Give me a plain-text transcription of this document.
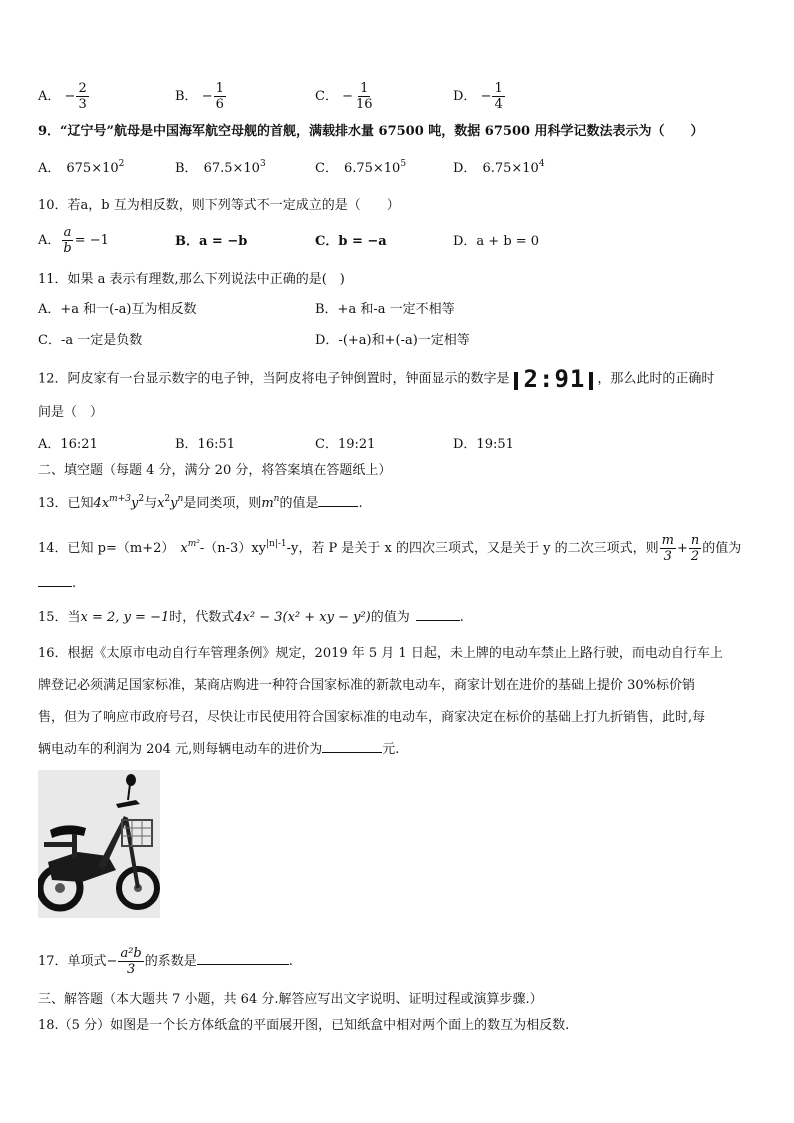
A． − $\frac{2}{3}$	B． − $\frac{1}{6}$	C． − $\frac{1}{16}$	D． − $\frac{1}{4}$
9．“辽宁号”航母是中国海军航空母舰的首舰，满载排水量 67500 吨，数据 67500 用科学记数法表示为（　　）
A． $675\times 10^2$	B． $67.5\times 10^3$	C． $6.75\times 10^5$	D． $6.75\times 10^4$
10．若a，b 互为相反数，则下列等式不一定成立的是（　　）
A． $\frac{a}{b} = -1$	B．a = −b	C．b = −a	D．a + b = 0
11．如果 a 表示有理数,那么下列说法中正确的是(　)
A．+a 和一(-a)互为相反数	B．+a 和-a 一定不相等
C．-a 一定是负数	D．-(+a)和+(-a)一定相等
12．阿皮家有一台显示数字的电子钟，当阿皮将电子钟倒置时，钟面显示的数字是 2:91 ，那么此时的正确时
间是（　）
A．16:21	B．16:51	C．19:21	D．19:51
二、填空题（每题 4 分，满分 20 分，将答案填在答题纸上）
13．已知$4x^{m+3}y^2$与$x^2y^n$是同类项，则$m^n$的值是	.
14．已知 p=（m+2） $x^{m^2}-(n-3)xy^{|n|-1}-y$，若 P 是关于 x 的四次三项式，又是关于 y 的二次三项式，则 $\frac{m}{3} + \frac{n}{2}$ 的值为
.
15．当x = 2, y = −1时，代数式4x² − 3(x² + xy − y²)的值为	.
16．根据《太原市电动自行车管理条例》规定，2019 年 5 月 1 日起，未上牌的电动车禁止上路行驶，而电动自行车上
牌登记必须满足国家标准，某商店购进一种符合国家标准的新款电动车，商家计划在进价的基础上提价 30%标价销
售，但为了响应市政府号召，尽快让市民使用符合国家标准的电动车，商家决定在标价的基础上打九折销售，此时,每
辆电动车的利润为 204 元,则每辆电动车的进价为	元.
17．单项式− $\frac{\text{a²b}}{3}$ 的系数是	.
三、解答题（本大题共 7 小题，共 64 分.解答应写出文字说明、证明过程或演算步骤.）
18.（5 分）如图是一个长方体纸盒的平面展开图，已知纸盒中相对两个面上的数互为相反数.
